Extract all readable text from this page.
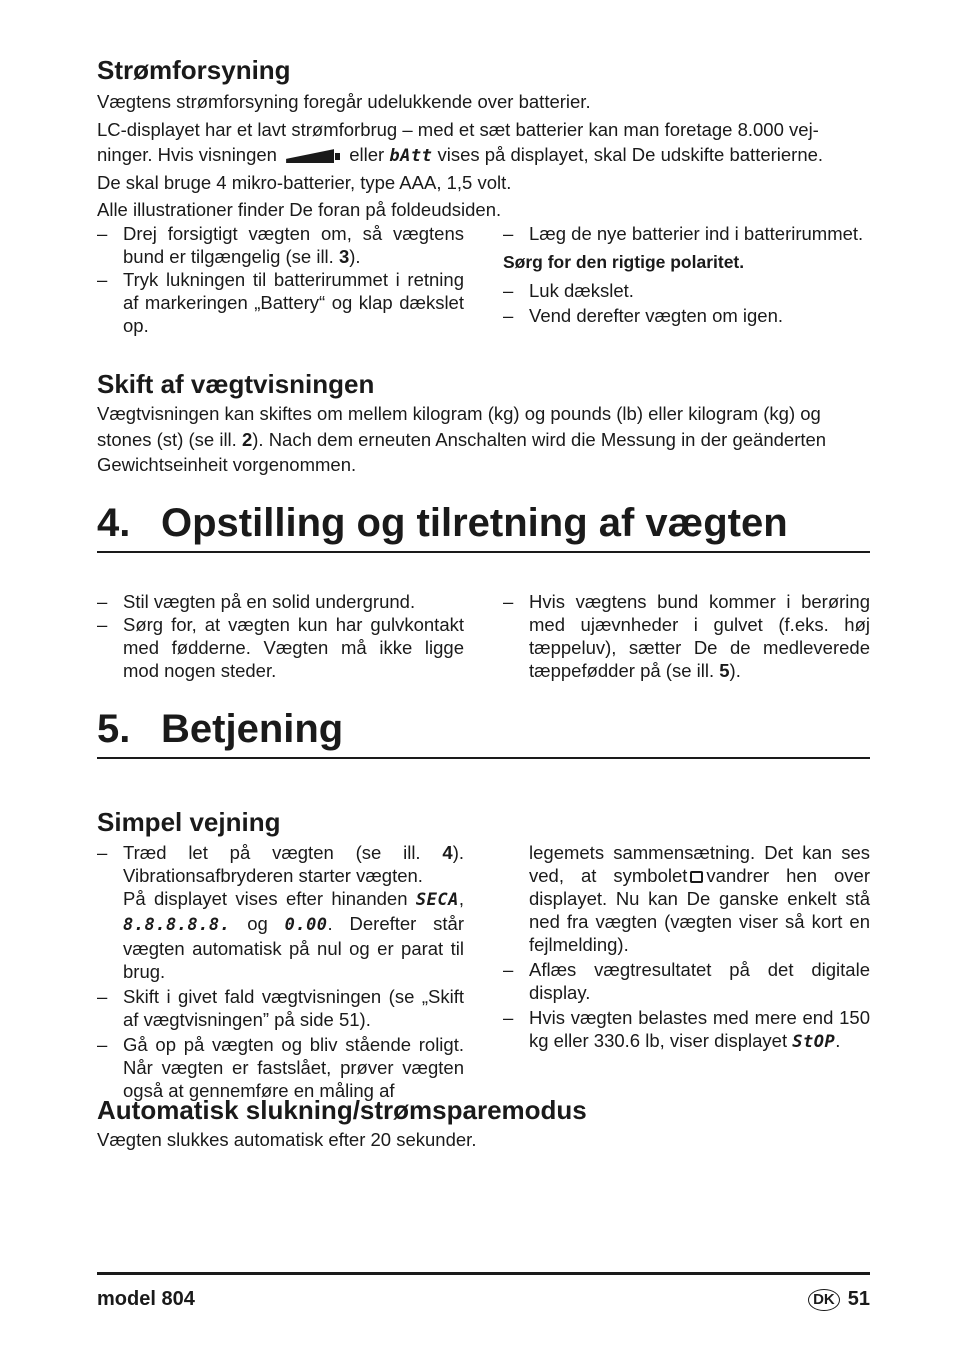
Strømforsyning

Vægtens strømforsyning foregår udelukkende over batterier.

LC-displayet har et lavt strømforbrug – med et sæt batterier kan man foretage 8.000 vej-

ninger. Hvis visningen	eller bAtt vises på displayet, skal De udskifte batterierne.

De skal bruge 4 mikro-batterier, type AAA, 1,5 volt.

Alle illustrationer finder De foran på foldeudsiden.

– Drej forsigtigt vægten om, så vægtens bund er tilgængelig (se ill. 3).

– Tryk lukningen til batterirummet i retning af markeringen „Battery“ og klap dækslet op.

– Læg de nye batterier ind i batterirummet.

Sørg for den rigtige polaritet.

– Luk dækslet.

– Vend derefter vægten om igen.

Skift af vægtvisningen

Vægtvisningen kan skiftes om mellem kilogram (kg) og pounds (lb) eller kilogram (kg) og stones (st) (se ill. 2). Nach dem erneuten Anschalten wird die Messung in der geänderten Gewichtseinheit vorgenommen.

4. Opstilling og tilretning af vægten

– Stil vægten på en solid undergrund.

– Sørg for, at vægten kun har gulvkontakt med fødderne. Vægten må ikke ligge mod nogen steder.

– Hvis vægtens bund kommer i berøring med ujævnheder i gulvet (f.eks. høj tæppeluv), sætter De de medleverede tæppefødder på (se ill. 5).

5. Betjening
Simpel vejning

– Træd let på vægten (se ill. 4). Vibrationsafbryderen starter vægten.

På displayet vises efter hinanden SECA, 8.8.8.8.8. og 0.00. Derefter står vægten automatisk på nul og er parat til brug.

– Skift i givet fald vægtvisningen (se „Skift af vægtvisningen” på side 51).

– Gå op på vægten og bliv stående roligt. Når vægten er fastslået, prøver vægten også at gennemføre en måling af

legemets sammensætning. Det kan ses ved, at symbolet vandrer hen over displayet. Nu kan De ganske enkelt stå ned fra vægten (vægten viser så kort en fejlmelding).

– Aflæs vægtresultatet på det digitale display.

– Hvis vægten belastes med mere end 150 kg eller 330.6 lb, viser displayet StOP.

Automatisk slukning/strømsparemodus

Vægten slukkes automatisk efter 20 sekunder.

model 804	DK 51
